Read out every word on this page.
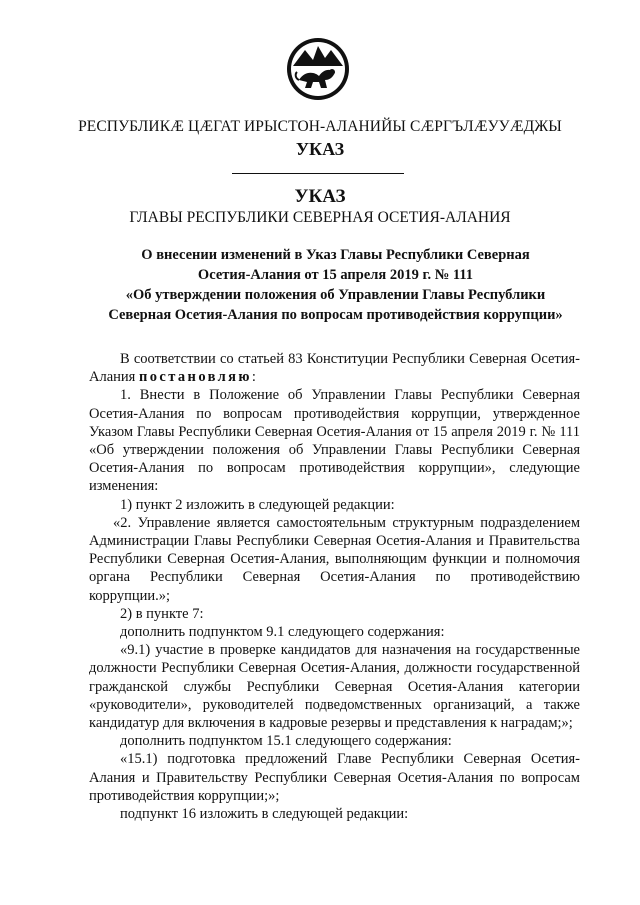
РЕСПУБЛИКӔ ЦӔГАТ ИРЫСТОН-АЛАНИЙЫ СӔРГЪЛӔУУӔДЖЫ
УКАЗ
УКАЗ
ГЛАВЫ РЕСПУБЛИКИ СЕВЕРНАЯ ОСЕТИЯ-АЛАНИЯ
О внесении изменений в Указ Главы Республики Северная
Осетия-Алания от 15 апреля 2019 г. № 111
«Об утверждении положения об Управлении Главы Республики
Северная Осетия-Алания по вопросам противодействия коррупции»

В соответствии со статьей 83 Конституции Республики Северная Осетия-Алания постановляю:

1. Внести в Положение об Управлении Главы Республики Северная Осетия-Алания по вопросам противодействия коррупции, утвержденное Указом Главы Республики Северная Осетия-Алания от 15 апреля 2019 г. № 111 «Об утверждении положения об Управлении Главы Республики Северная Осетия-Алания по вопросам противодействия коррупции», следующие изменения:

1) пункт 2 изложить в следующей редакции:

«2. Управление является самостоятельным структурным подразделением Администрации Главы Республики Северная Осетия-Алания и Правительства Республики Северная Осетия-Алания, выполняющим функции и полномочия органа Республики Северная Осетия-Алания по противодействию коррупции.»;

2) в пункте 7:

дополнить подпунктом 9.1 следующего содержания:

«9.1) участие в проверке кандидатов для назначения на государственные должности Республики Северная Осетия-Алания, должности государственной гражданской службы Республики Северная Осетия-Алания категории «руководители», руководителей подведомственных организаций, а также кандидатур для включения в кадровые резервы и представления к наградам;»;

дополнить подпунктом 15.1 следующего содержания:

«15.1) подготовка предложений Главе Республики Северная Осетия-Алания и Правительству Республики Северная Осетия-Алания по вопросам противодействия коррупции;»;

подпункт 16 изложить в следующей редакции:
